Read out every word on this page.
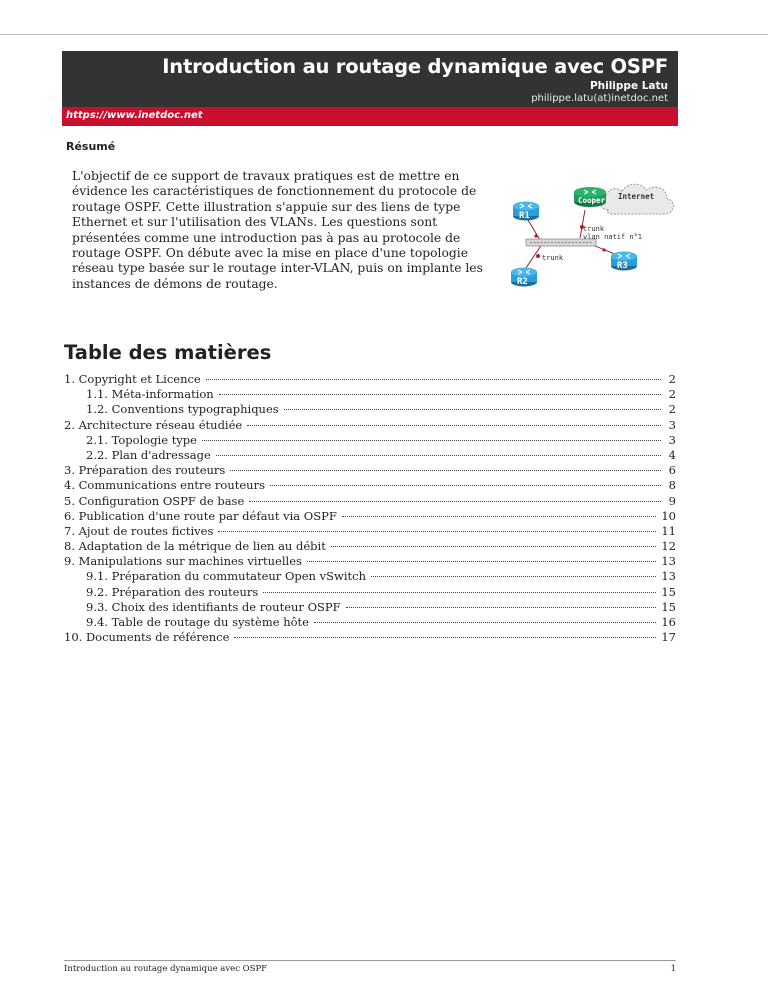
Introduction au routage dynamique avec OSPF
Philippe Latu
philippe.latu(at)inetdoc.net
https://www.inetdoc.net
Résumé

L'objectif de ce support de travaux pratiques est de mettre en évidence les caractéristiques de fonctionnement du protocole de routage OSPF. Cette illustration s'appuie sur des liens de type Ethernet et sur l'utilisation des VLANs. Les questions sont présentées comme une introduction pas à pas au protocole de routage OSPF. On débute avec la mise en place d'une topologie réseau type basée sur le routage inter-VLAN, puis on implante les instances de démons de routage.

Internet
trunk
vlan natif n°1
trunk
Cooper
R1
R2
R3
Table des matières
1. Copyright et Licence	2
1.1. Méta-information	2
1.2. Conventions typographiques	2
2. Architecture réseau étudiée	3
2.1. Topologie type	3
2.2. Plan d'adressage	4
3. Préparation des routeurs	6
4. Communications entre routeurs	8
5. Configuration OSPF de base	9
6. Publication d'une route par défaut via OSPF	10
7. Ajout de routes fictives	11
8. Adaptation de la métrique de lien au débit	12
9. Manipulations sur machines virtuelles	13
9.1. Préparation du commutateur Open vSwitch	13
9.2. Préparation des routeurs	15
9.3. Choix des identifiants de routeur OSPF	15
9.4. Table de routage du système hôte	16
10. Documents de référence	17
Introduction au routage dynamique avec OSPF	1
